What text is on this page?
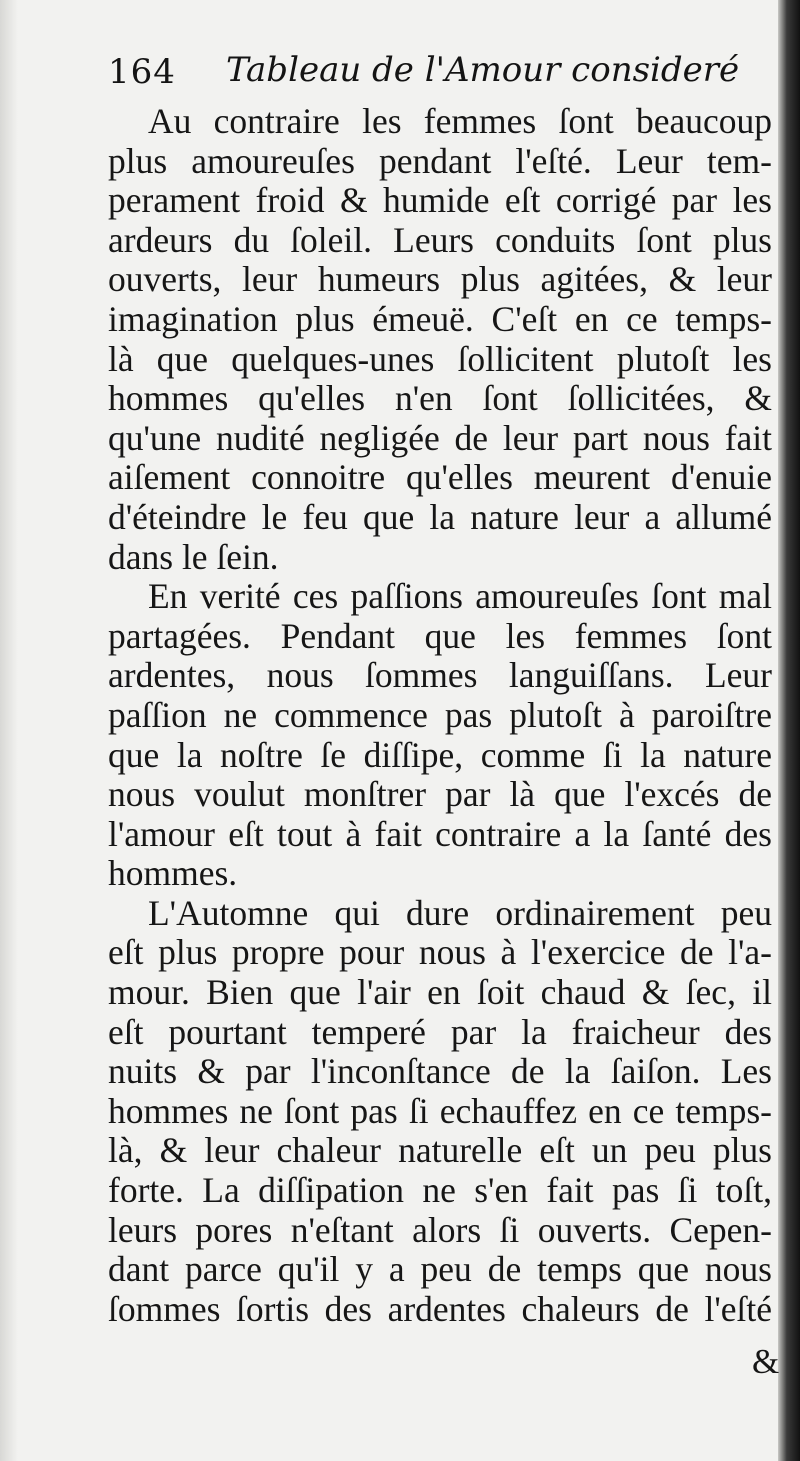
164 Tableau de l'Amour consideré
Au contraire les femmes ſont beaucoup
plus amoureuſes pendant l'eſté. Leur tem-
perament froid & humide eſt corrigé par les
ardeurs du ſoleil. Leurs conduits ſont plus
ouverts, leur humeurs plus agitées, & leur
imagination plus émeuë. C'eſt en ce temps-
là que quelques-unes ſollicitent plutoſt les
hommes qu'elles n'en ſont ſollicitées, &
qu'une nudité negligée de leur part nous fait
aiſement connoitre qu'elles meurent d'enuie
d'éteindre le feu que la nature leur a allumé
dans le ſein.
En verité ces paſſions amoureuſes ſont mal
partagées. Pendant que les femmes ſont
ardentes, nous ſommes languiſſans. Leur
paſſion ne commence pas plutoſt à paroiſtre
que la noſtre ſe diſſipe, comme ſi la nature
nous voulut monſtrer par là que l'excés de
l'amour eſt tout à fait contraire a la ſanté des
hommes.
L'Automne qui dure ordinairement peu
eſt plus propre pour nous à l'exercice de l'a-
mour. Bien que l'air en ſoit chaud & ſec, il
eſt pourtant temperé par la fraicheur des
nuits & par l'inconſtance de la ſaiſon. Les
hommes ne ſont pas ſi echauffez en ce temps-
là, & leur chaleur naturelle eſt un peu plus
forte. La diſſipation ne s'en fait pas ſi toſt,
leurs pores n'eſtant alors ſi ouverts. Cepen-
dant parce qu'il y a peu de temps que nous
ſommes ſortis des ardentes chaleurs de l'eſté
&
